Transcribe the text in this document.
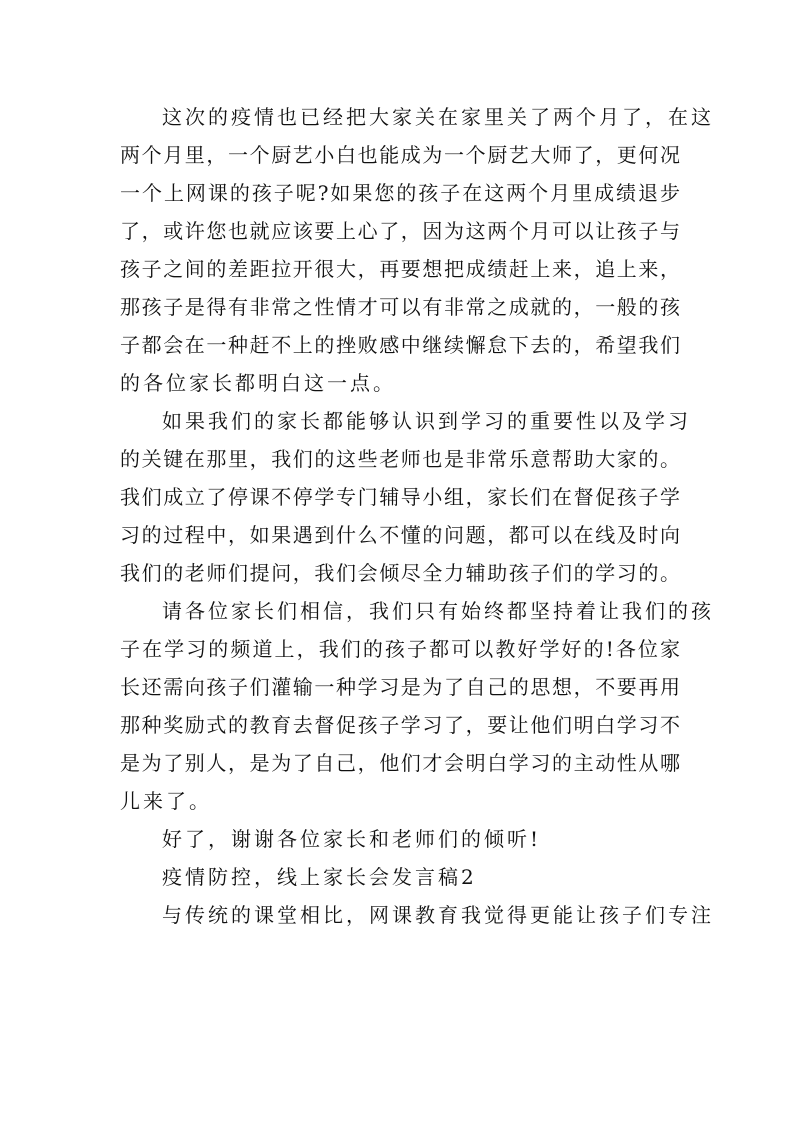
这次的疫情也已经把大家关在家里关了两个月了，在这
两个月里，一个厨艺小白也能成为一个厨艺大师了，更何况
一个上网课的孩子呢?如果您的孩子在这两个月里成绩退步
了，或许您也就应该要上心了，因为这两个月可以让孩子与
孩子之间的差距拉开很大，再要想把成绩赶上来，追上来，
那孩子是得有非常之性情才可以有非常之成就的，一般的孩
子都会在一种赶不上的挫败感中继续懈怠下去的，希望我们
的各位家长都明白这一点。
如果我们的家长都能够认识到学习的重要性以及学习
的关键在那里，我们的这些老师也是非常乐意帮助大家的。
我们成立了停课不停学专门辅导小组，家长们在督促孩子学
习的过程中，如果遇到什么不懂的问题，都可以在线及时向
我们的老师们提问，我们会倾尽全力辅助孩子们的学习的。
请各位家长们相信，我们只有始终都坚持着让我们的孩
子在学习的频道上，我们的孩子都可以教好学好的!各位家
长还需向孩子们灌输一种学习是为了自己的思想，不要再用
那种奖励式的教育去督促孩子学习了，要让他们明白学习不
是为了别人，是为了自己，他们才会明白学习的主动性从哪
儿来了。
好了，谢谢各位家长和老师们的倾听!
疫情防控，线上家长会发言稿2
与传统的课堂相比，网课教育我觉得更能让孩子们专注
